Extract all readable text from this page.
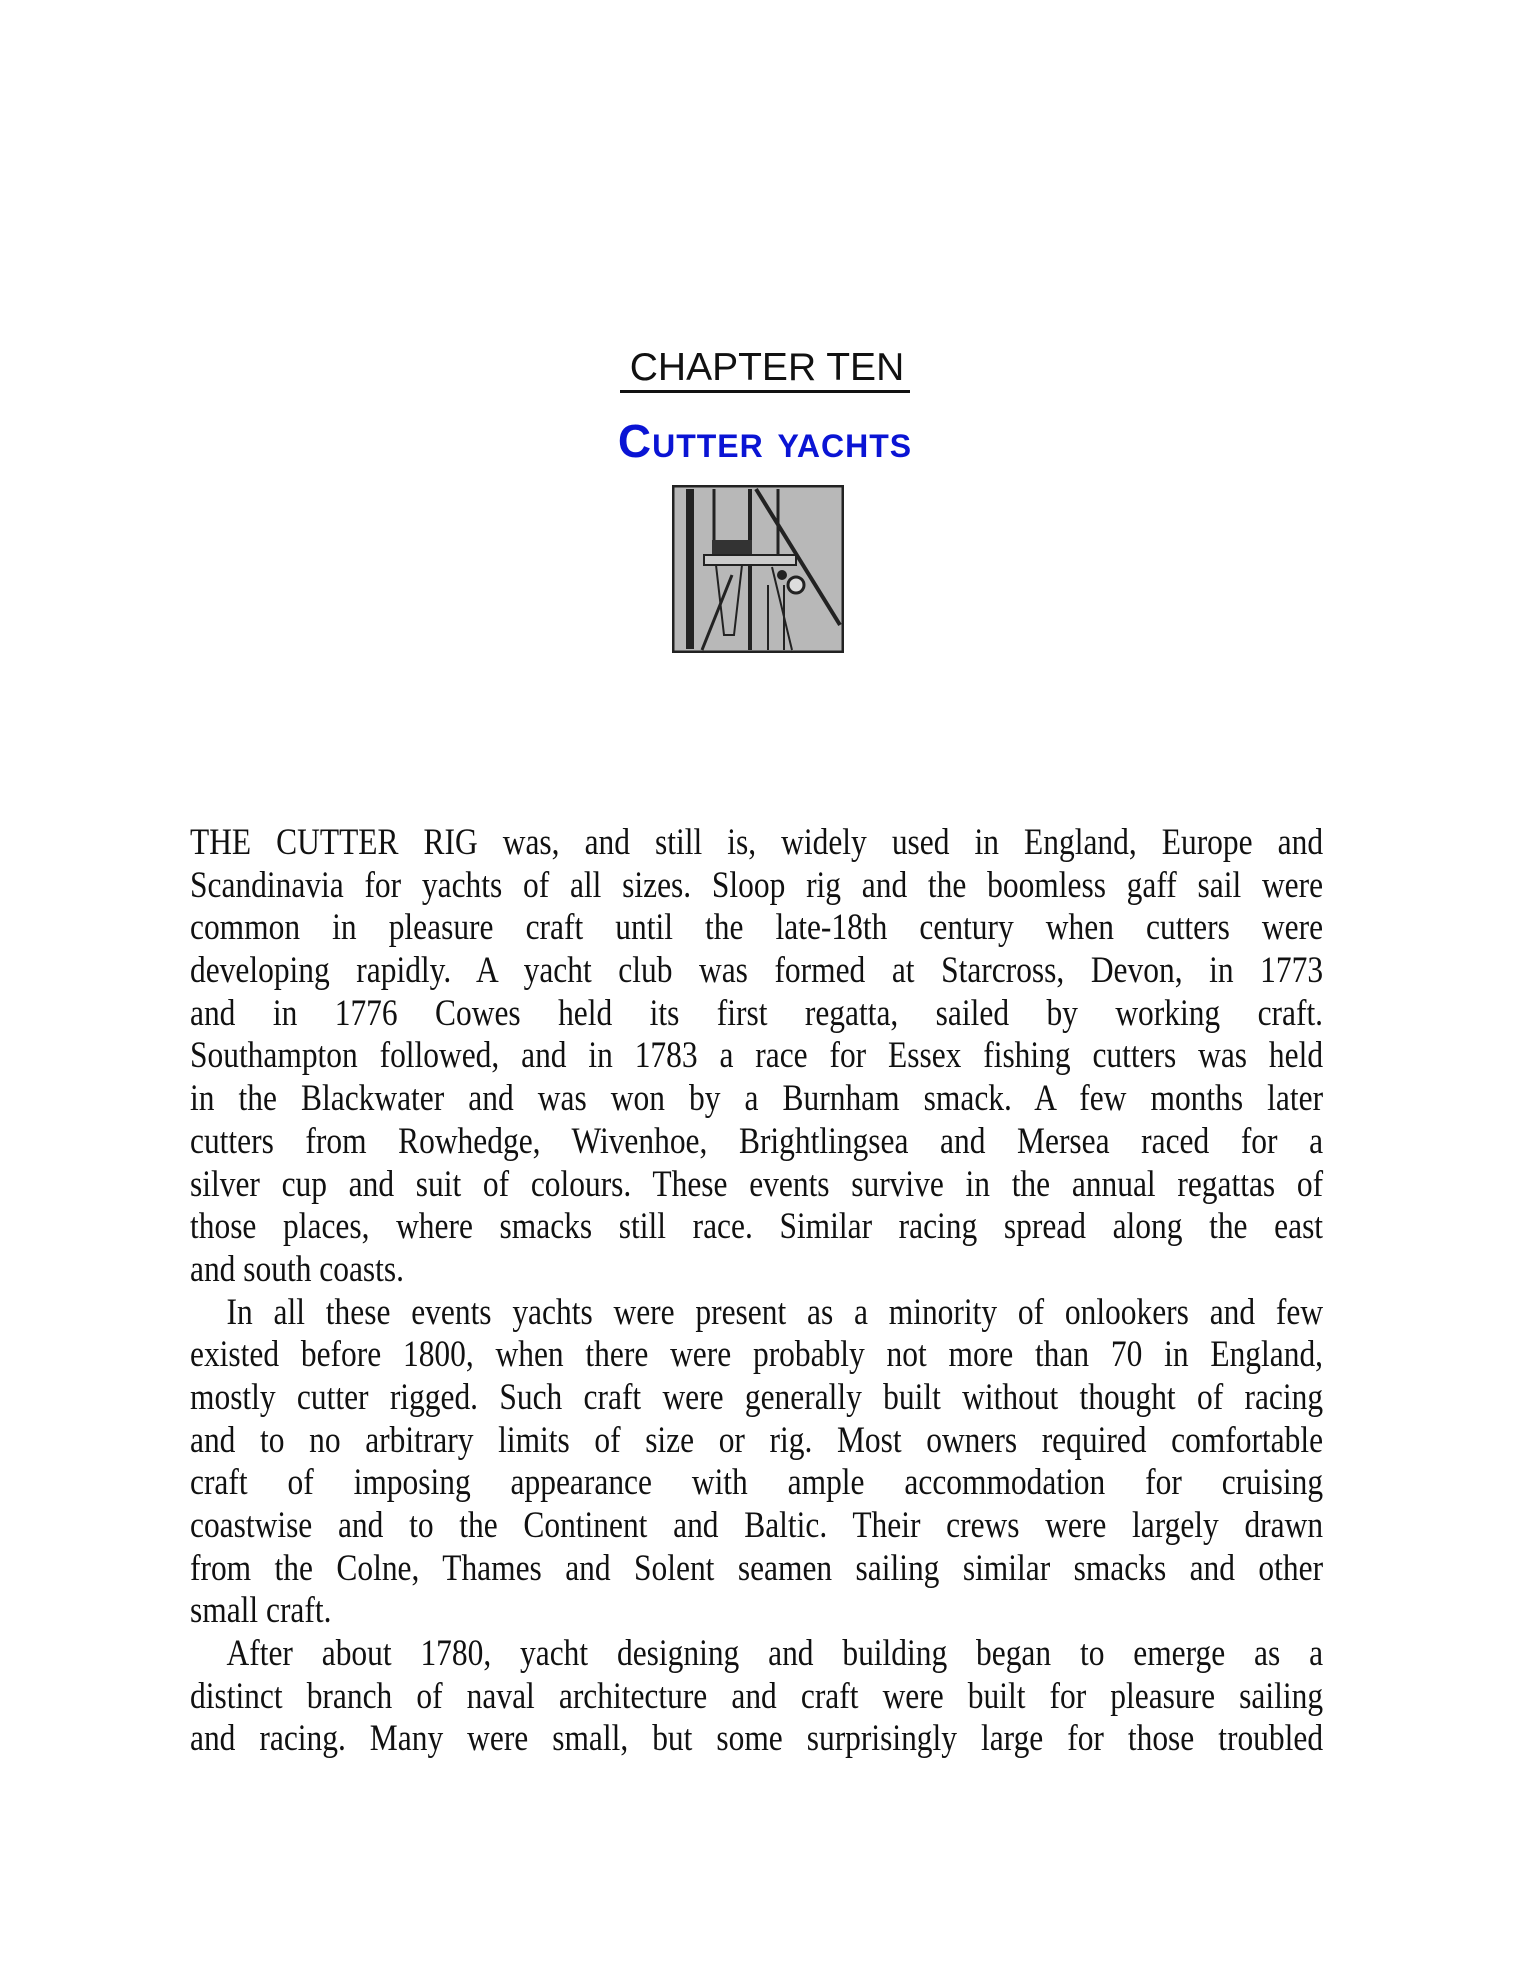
CHAPTER TEN
Cutter yachts
THE CUTTER RIG was, and still is, widely used in England, Europe and
Scandinavia for yachts of all sizes. Sloop rig and the boomless gaff sail were
common in pleasure craft until the late-18th century when cutters were
developing rapidly. A yacht club was formed at Starcross, Devon, in 1773
and in 1776 Cowes held its first regatta, sailed by working craft.
Southampton followed, and in 1783 a race for Essex fishing cutters was held
in the Blackwater and was won by a Burnham smack. A few months later
cutters from Rowhedge, Wivenhoe, Brightlingsea and Mersea raced for a
silver cup and suit of colours. These events survive in the annual regattas of
those places, where smacks still race. Similar racing spread along the east
and south coasts.
In all these events yachts were present as a minority of onlookers and few
existed before 1800, when there were probably not more than 70 in England,
mostly cutter rigged. Such craft were generally built without thought of racing
and to no arbitrary limits of size or rig. Most owners required comfortable
craft of imposing appearance with ample accommodation for cruising
coastwise and to the Continent and Baltic. Their crews were largely drawn
from the Colne, Thames and Solent seamen sailing similar smacks and other
small craft.
After about 1780, yacht designing and building began to emerge as a
distinct branch of naval architecture and craft were built for pleasure sailing
and racing. Many were small, but some surprisingly large for those troubled
